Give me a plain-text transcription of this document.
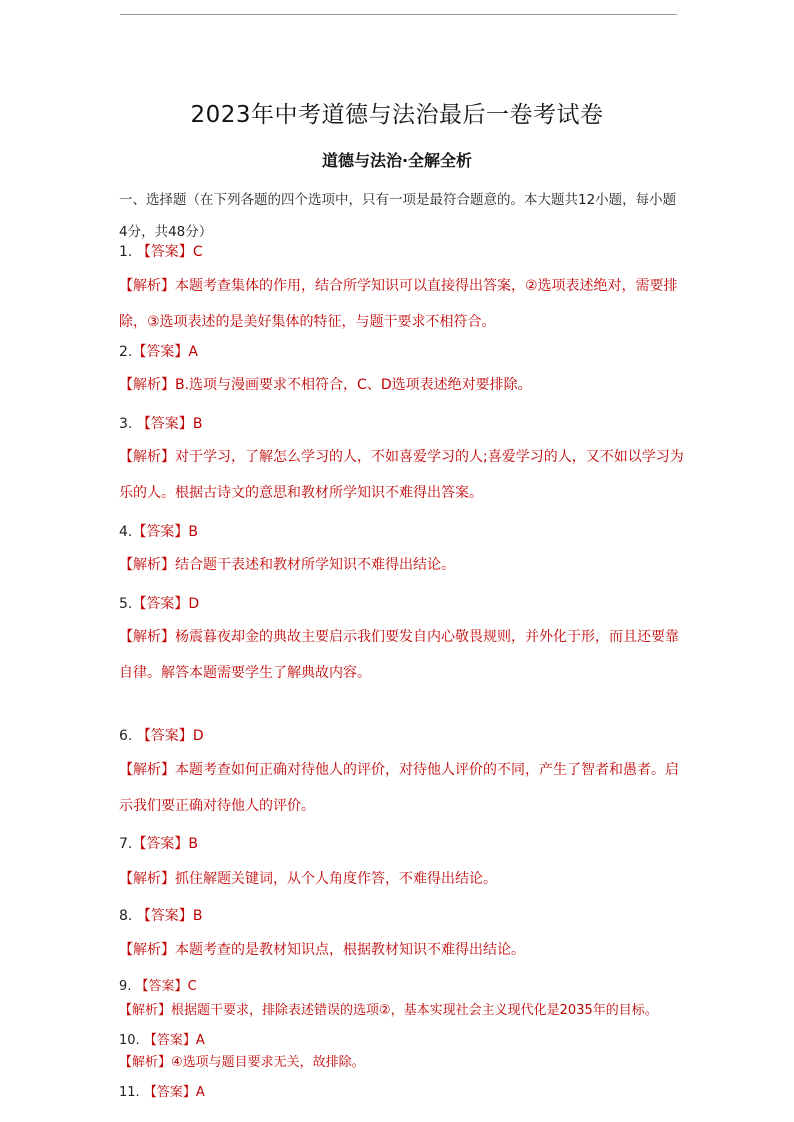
2023年中考道德与法治最后一卷考试卷
道德与法治·全解全析
一、选择题（在下列各题的四个选项中，只有一项是最符合题意的。本大题共12小题，每小题4分，共48分）
1. 【答案】C
【解析】本题考查集体的作用，结合所学知识可以直接得出答案，②选项表述绝对，需要排除，③选项表述的是美好集体的特征，与题干要求不相符合。
2.【答案】A
【解析】B.选项与漫画要求不相符合，C、D选项表述绝对要排除。
3. 【答案】B
【解析】对于学习，了解怎么学习的人，不如喜爱学习的人;喜爱学习的人，又不如以学习为乐的人。根据古诗文的意思和教材所学知识不难得出答案。
4.【答案】B
【解析】结合题干表述和教材所学知识不难得出结论。
5.【答案】D
【解析】杨震暮夜却金的典故主要启示我们要发自内心敬畏规则，并外化于形，而且还要靠自律。解答本题需要学生了解典故内容。
6. 【答案】D
【解析】本题考查如何正确对待他人的评价，对待他人评价的不同，产生了智者和愚者。启示我们要正确对待他人的评价。
7.【答案】B
【解析】抓住解题关键词，从个人角度作答，不难得出结论。
8. 【答案】B
【解析】本题考查的是教材知识点，根据教材知识不难得出结论。
9. 【答案】C
【解析】根据题干要求，排除表述错误的选项②，基本实现社会主义现代化是2035年的目标。
10. 【答案】A
【解析】④选项与题目要求无关，故排除。
11. 【答案】A
